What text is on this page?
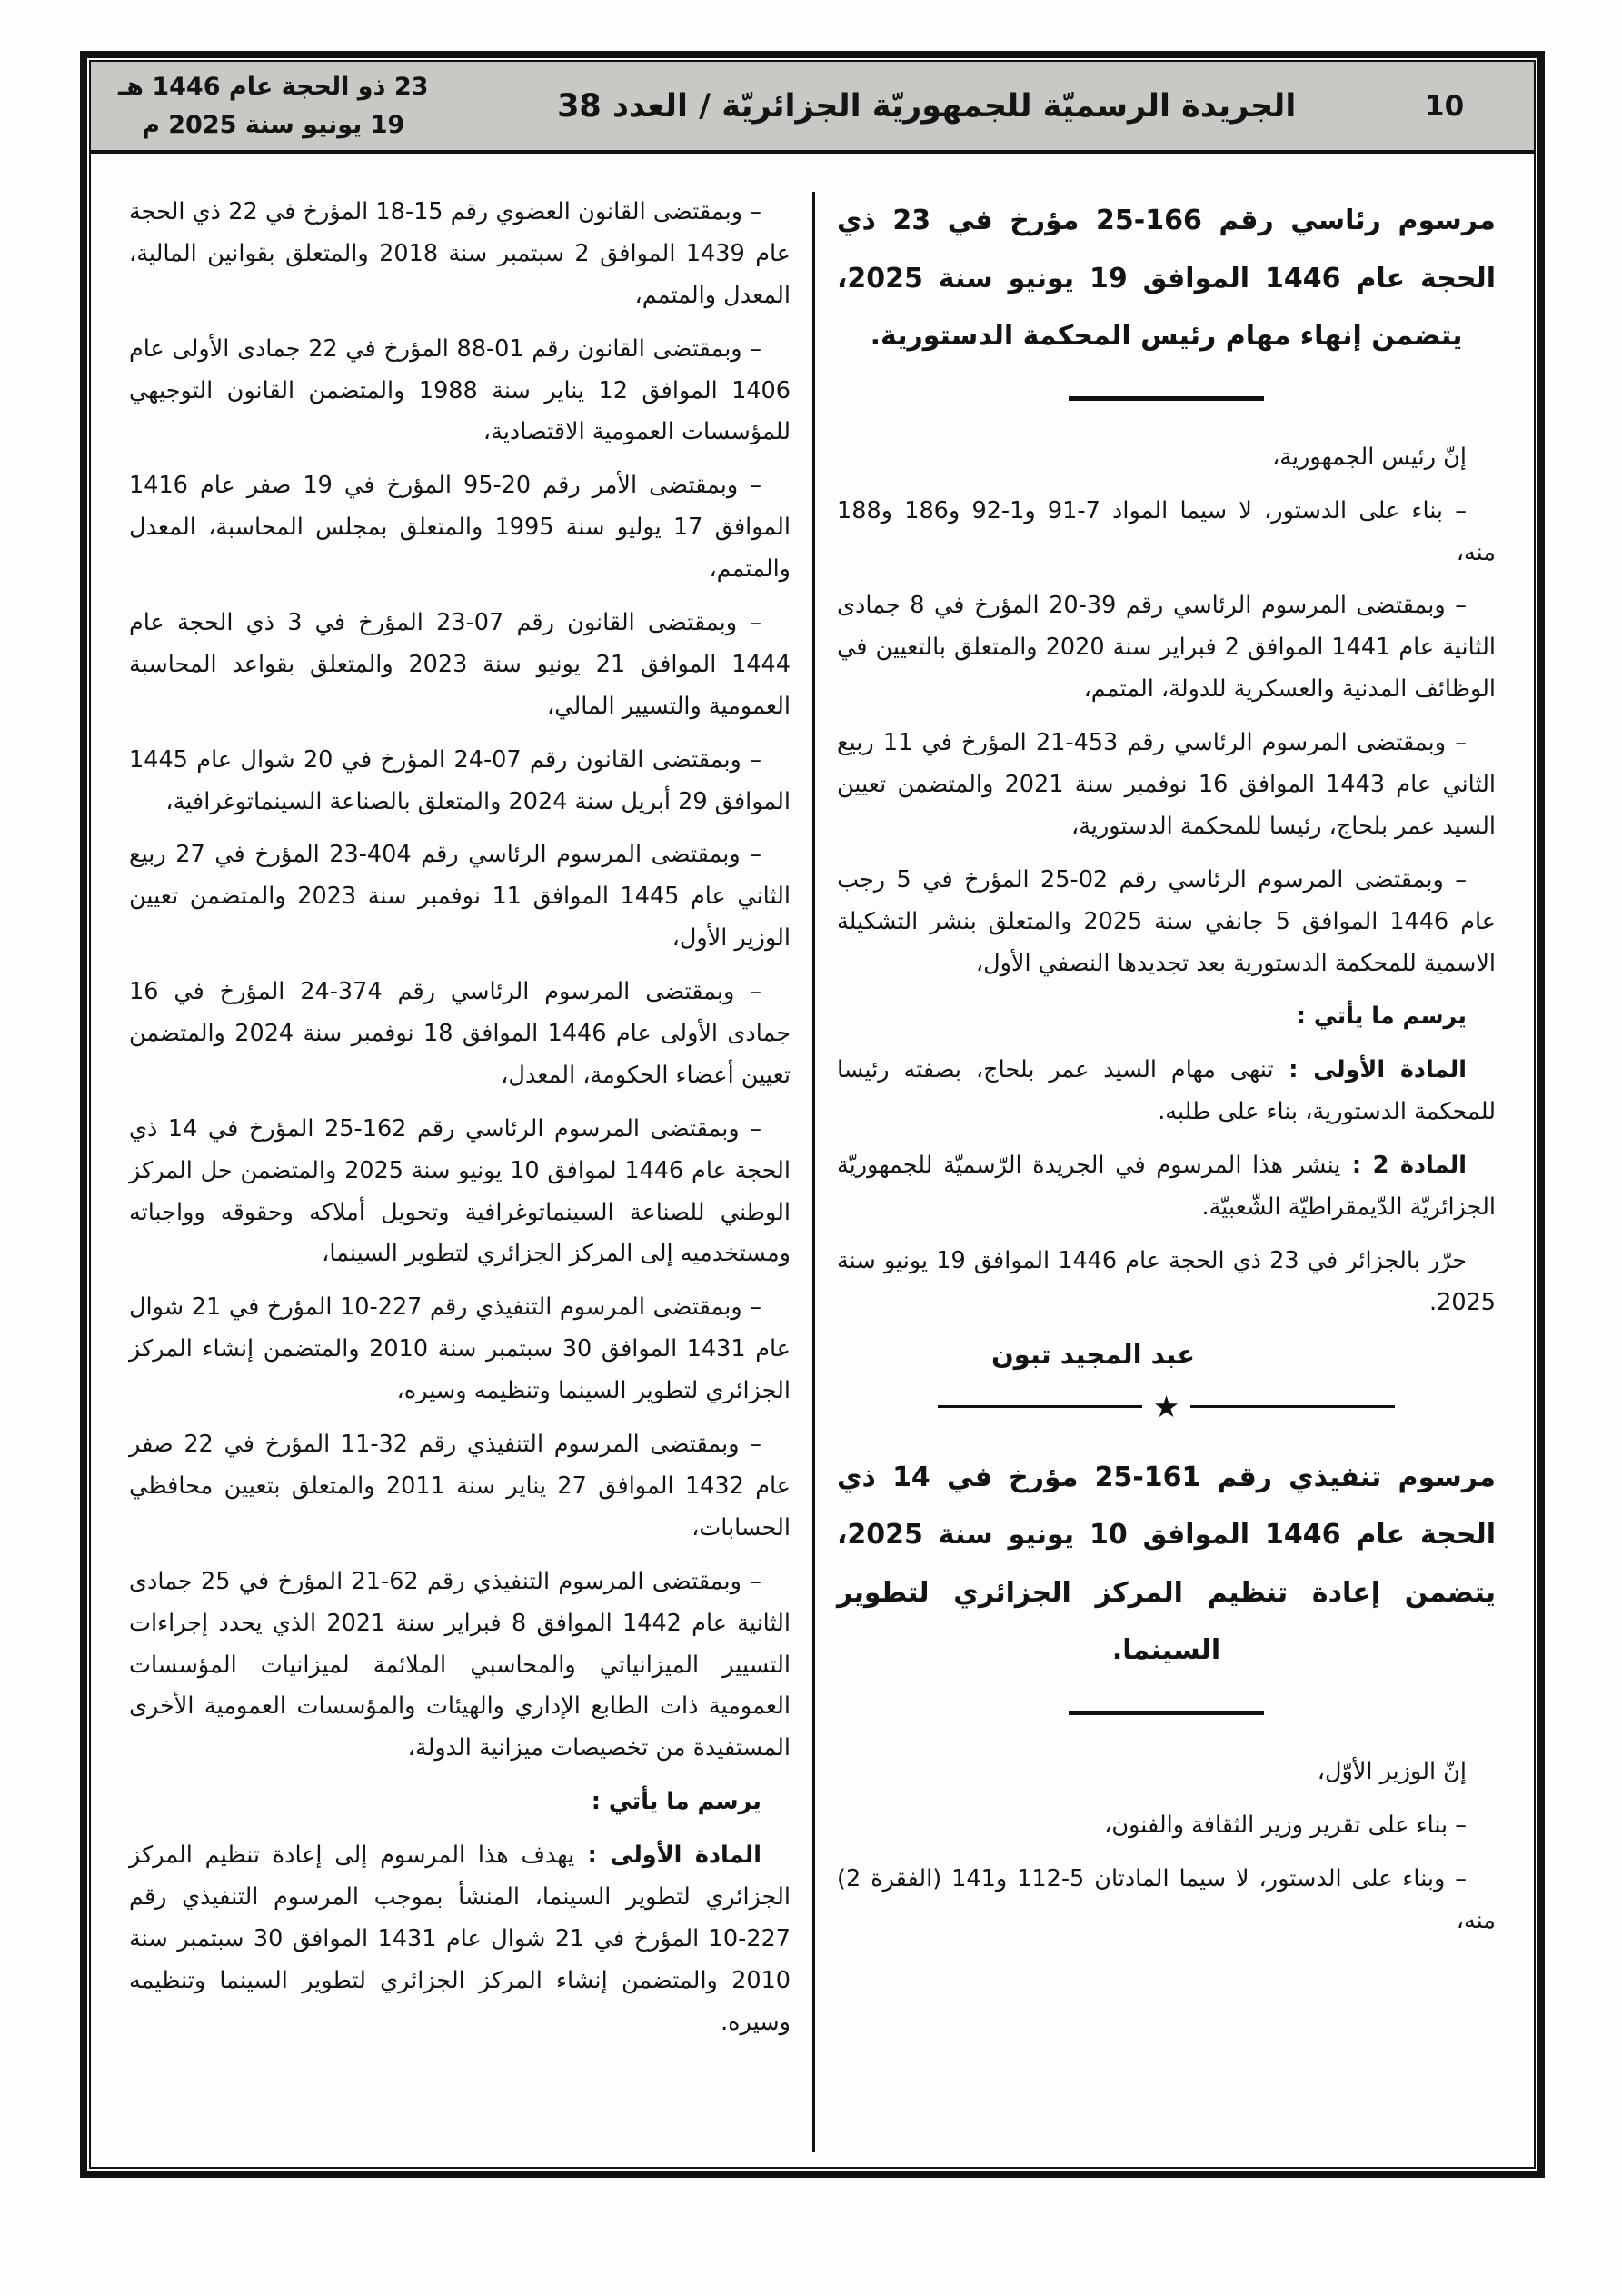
23 ذو الحجة عام 1446 هـ
19 يونيو سنة 2025 م
الجريدة الرسميّة للجمهوريّة الجزائريّة / العدد 38	10
مرسوم رئاسي رقم 166-25 مؤرخ في 23 ذي الحجة عام 1446 الموافق 19 يونيو سنة 2025، يتضمن إنهاء مهام رئيس المحكمة الدستورية.

إنّ رئيس الجمهورية،

– بناء على الدستور، لا سيما المواد 7-91 و1-92 و186 و188 منه،

– وبمقتضى المرسوم الرئاسي رقم 39-20 المؤرخ في 8 جمادى الثانية عام 1441 الموافق 2 فبراير سنة 2020 والمتعلق بالتعيين في الوظائف المدنية والعسكرية للدولة، المتمم،

– وبمقتضى المرسوم الرئاسي رقم 453-21 المؤرخ في 11 ربيع الثاني عام 1443 الموافق 16 نوفمبر سنة 2021 والمتضمن تعيين السيد عمر بلحاج، رئيسا للمحكمة الدستورية،

– وبمقتضى المرسوم الرئاسي رقم 02-25 المؤرخ في 5 رجب عام 1446 الموافق 5 جانفي سنة 2025 والمتعلق بنشر التشكيلة الاسمية للمحكمة الدستورية بعد تجديدها النصفي الأول،

يرسم ما يأتي :

المادة الأولى : تنهى مهام السيد عمر بلحاج، بصفته رئيسا للمحكمة الدستورية، بناء على طلبه.

المادة 2 : ينشر هذا المرسوم في الجريدة الرّسميّة للجمهوريّة الجزائريّة الدّيمقراطيّة الشّعبيّة.

حرّر بالجزائر في 23 ذي الحجة عام 1446 الموافق 19 يونيو سنة 2025.

عبد المجيد تبون
★
مرسوم تنفيذي رقم 161-25 مؤرخ في 14 ذي الحجة عام 1446 الموافق 10 يونيو سنة 2025، يتضمن إعادة تنظيم المركز الجزائري لتطوير السينما.

إنّ الوزير الأوّل،

– بناء على تقرير وزير الثقافة والفنون،

– وبناء على الدستور، لا سيما المادتان 5-112 و141 (الفقرة 2) منه،

– وبمقتضى القانون العضوي رقم 15-18 المؤرخ في 22 ذي الحجة عام 1439 الموافق 2 سبتمبر سنة 2018 والمتعلق بقوانين المالية، المعدل والمتمم،

– وبمقتضى القانون رقم 01-88 المؤرخ في 22 جمادى الأولى عام 1406 الموافق 12 يناير سنة 1988 والمتضمن القانون التوجيهي للمؤسسات العمومية الاقتصادية،

– وبمقتضى الأمر رقم 20-95 المؤرخ في 19 صفر عام 1416 الموافق 17 يوليو سنة 1995 والمتعلق بمجلس المحاسبة، المعدل والمتمم،

– وبمقتضى القانون رقم 07-23 المؤرخ في 3 ذي الحجة عام 1444 الموافق 21 يونيو سنة 2023 والمتعلق بقواعد المحاسبة العمومية والتسيير المالي،

– وبمقتضى القانون رقم 07-24 المؤرخ في 20 شوال عام 1445 الموافق 29 أبريل سنة 2024 والمتعلق بالصناعة السينماتوغرافية،

– وبمقتضى المرسوم الرئاسي رقم 404-23 المؤرخ في 27 ربيع الثاني عام 1445 الموافق 11 نوفمبر سنة 2023 والمتضمن تعيين الوزير الأول،

– وبمقتضى المرسوم الرئاسي رقم 374-24 المؤرخ في 16 جمادى الأولى عام 1446 الموافق 18 نوفمبر سنة 2024 والمتضمن تعيين أعضاء الحكومة، المعدل،

– وبمقتضى المرسوم الرئاسي رقم 162-25 المؤرخ في 14 ذي الحجة عام 1446 لموافق 10 يونيو سنة 2025 والمتضمن حل المركز الوطني للصناعة السينماتوغرافية وتحويل أملاكه وحقوقه وواجباته ومستخدميه إلى المركز الجزائري لتطوير السينما،

– وبمقتضى المرسوم التنفيذي رقم 227-10 المؤرخ في 21 شوال عام 1431 الموافق 30 سبتمبر سنة 2010 والمتضمن إنشاء المركز الجزائري لتطوير السينما وتنظيمه وسيره،

– وبمقتضى المرسوم التنفيذي رقم 32-11 المؤرخ في 22 صفر عام 1432 الموافق 27 يناير سنة 2011 والمتعلق بتعيين محافظي الحسابات،

– وبمقتضى المرسوم التنفيذي رقم 62-21 المؤرخ في 25 جمادى الثانية عام 1442 الموافق 8 فبراير سنة 2021 الذي يحدد إجراءات التسيير الميزانياتي والمحاسبي الملائمة لميزانيات المؤسسات العمومية ذات الطابع الإداري والهيئات والمؤسسات العمومية الأخرى المستفيدة من تخصيصات ميزانية الدولة،

يرسم ما يأتي :

المادة الأولى : يهدف هذا المرسوم إلى إعادة تنظيم المركز الجزائري لتطوير السينما، المنشأ بموجب المرسوم التنفيذي رقم 227-10 المؤرخ في 21 شوال عام 1431 الموافق 30 سبتمبر سنة 2010 والمتضمن إنشاء المركز الجزائري لتطوير السينما وتنظيمه وسيره.
